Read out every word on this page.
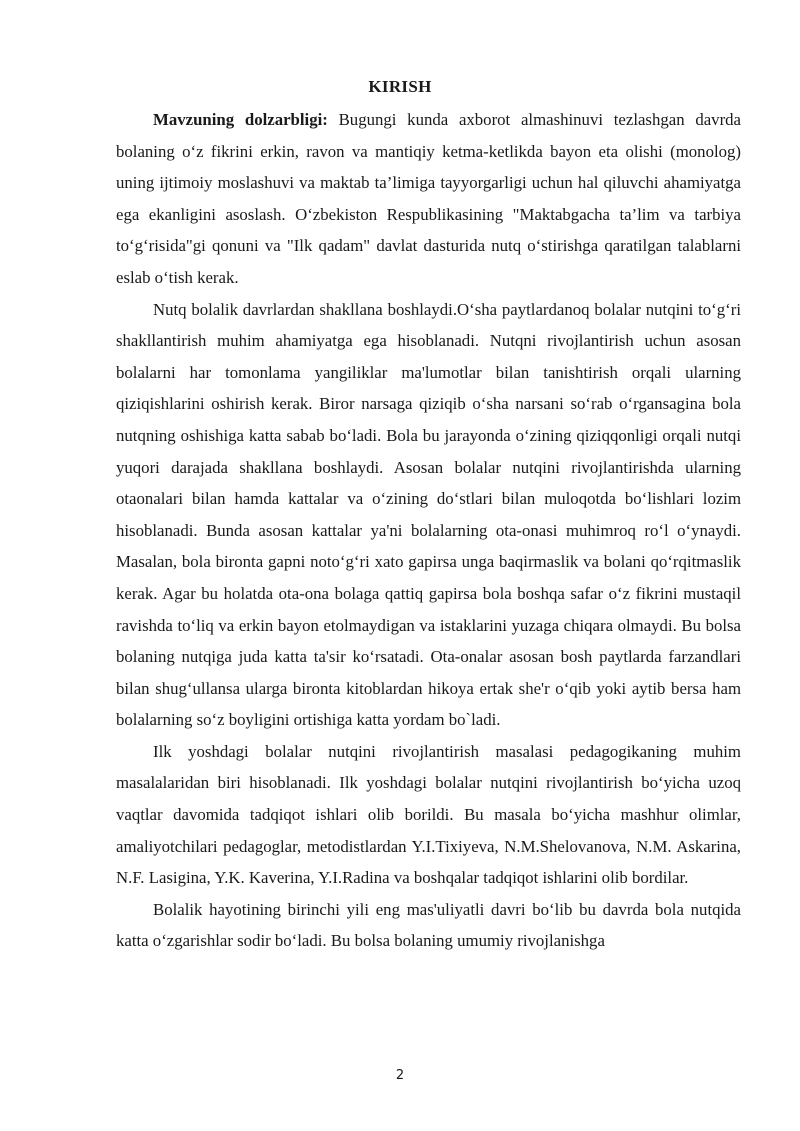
KIRISH

Mavzuning dolzarbligi: Bugungi kunda axborot almashinuvi tezlashgan davrda bolaning o‘z fikrini erkin, ravon va mantiqiy ketma-ketlikda bayon eta olishi (monolog) uning ijtimoiy moslashuvi va maktab ta’limiga tayyorgarligi uchun hal qiluvchi ahamiyatga ega ekanligini asoslash. O‘zbekiston Respublikasining "Maktabgacha ta’lim va tarbiya to‘g‘risida"gi qonuni va "Ilk qadam" davlat dasturida nutq o‘stirishga qaratilgan talablarni eslab o‘tish kerak.

Nutq bolalik davrlardan shakllana boshlaydi.O‘sha paytlardanoq bolalar nutqini to‘g‘ri shakllantirish muhim ahamiyatga ega hisoblanadi. Nutqni rivojlantirish uchun asosan bolalarni har tomonlama yangiliklar ma'lumotlar bilan tanishtirish orqali ularning qiziqishlarini oshirish kerak. Biror narsaga qiziqib o‘sha narsani so‘rab o‘rgansagina bola nutqning oshishiga katta sabab bo‘ladi. Bola bu jarayonda o‘zining qiziqqonligi orqali nutqi yuqori darajada shakllana boshlaydi. Asosan bolalar nutqini rivojlantirishda ularning otaonalari bilan hamda kattalar va o‘zining do‘stlari bilan muloqotda bo‘lishlari lozim hisoblanadi. Bunda asosan kattalar ya'ni bolalarning ota-onasi muhimroq ro‘l o‘ynaydi. Masalan, bola bironta gapni noto‘g‘ri xato gapirsa unga baqirmaslik va bolani qo‘rqitmaslik kerak. Agar bu holatda ota-ona bolaga qattiq gapirsa bola boshqa safar o‘z fikrini mustaqil ravishda to‘liq va erkin bayon etolmaydigan va istaklarini yuzaga chiqara olmaydi. Bu bolsa bolaning nutqiga juda katta ta'sir ko‘rsatadi. Ota-onalar asosan bosh paytlarda farzandlari bilan shug‘ullansa ularga bironta kitoblardan hikoya ertak she'r o‘qib yoki aytib bersa ham bolalarning so‘z boyligini ortishiga katta yordam bo`ladi.

Ilk yoshdagi bolalar nutqini rivojlantirish masalasi pedagogikaning muhim masalalaridan biri hisoblanadi. Ilk yoshdagi bolalar nutqini rivojlantirish bo‘yicha uzoq vaqtlar davomida tadqiqot ishlari olib borildi. Bu masala bo‘yicha mashhur olimlar, amaliyotchilari pedagoglar, metodistlardan Y.I.Tixiyeva, N.M.Shelovanova, N.M. Askarina, N.F. Lasigina, Y.K. Kaverina, Y.I.Radina va boshqalar tadqiqot ishlarini olib bordilar.

Bolalik hayotining birinchi yili eng mas'uliyatli davri bo‘lib bu davrda bola nutqida katta o‘zgarishlar sodir bo‘ladi. Bu bolsa bolaning umumiy rivojlanishga

2
